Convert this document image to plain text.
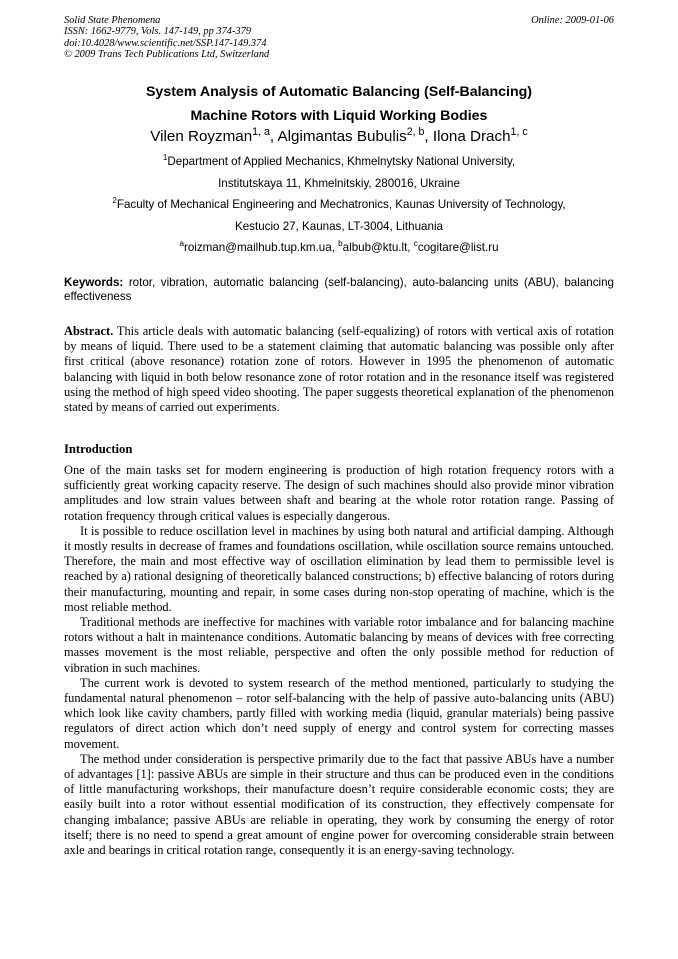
Solid State Phenomena
ISSN: 1662-9779, Vols. 147-149, pp 374-379
doi:10.4028/www.scientific.net/SSP.147-149.374
© 2009 Trans Tech Publications Ltd, Switzerland
Online: 2009-01-06
System Analysis of Automatic Balancing (Self-Balancing)
Machine Rotors with Liquid Working Bodies
Vilen Royzman$^{1, a}$, Algimantas Bubulis$^{2, b}$, Ilona Drach$^{1, c}$
$^1$Department of Applied Mechanics, Khmelnytsky National University,
Institutskaya 11, Khmelnitskiy, 280016, Ukraine
$^2$Faculty of Mechanical Engineering and Mechatronics, Kaunas University of Technology,
Kestucio 27, Kaunas, LT-3004, Lithuania
$^a$roizman@mailhub.tup.km.ua, $^b$albub@ktu.lt, $^c$cogitare@list.ru
Keywords: rotor, vibration, automatic balancing (self-balancing), auto-balancing units (ABU), balancing effectiveness
Abstract. This article deals with automatic balancing (self-equalizing) of rotors with vertical axis of rotation by means of liquid. There used to be a statement claiming that automatic balancing was possible only after first critical (above resonance) rotation zone of rotors. However in 1995 the phenomenon of automatic balancing with liquid in both below resonance zone of rotor rotation and in the resonance itself was registered using the method of high speed video shooting. The paper suggests theoretical explanation of the phenomenon stated by means of carried out experiments.
Introduction

One of the main tasks set for modern engineering is production of high rotation frequency rotors with a sufficiently great working capacity reserve. The design of such machines should also provide minor vibration amplitudes and low strain values between shaft and bearing at the whole rotor rotation range. Passing of rotation frequency through critical values is especially dangerous.

It is possible to reduce oscillation level in machines by using both natural and artificial damping. Although it mostly results in decrease of frames and foundations oscillation, while oscillation source remains untouched. Therefore, the main and most effective way of oscillation elimination by lead them to permissible level is reached by a) rational designing of theoretically balanced constructions; b) effective balancing of rotors during their manufacturing, mounting and repair, in some cases during non-stop operating of machine, which is the most reliable method.

Traditional methods are ineffective for machines with variable rotor imbalance and for balancing machine rotors without a halt in maintenance conditions. Automatic balancing by means of devices with free correcting masses movement is the most reliable, perspective and often the only possible method for reduction of vibration in such machines.

The current work is devoted to system research of the method mentioned, particularly to studying the fundamental natural phenomenon – rotor self-balancing with the help of passive auto-balancing units (ABU) which look like cavity chambers, partly filled with working media (liquid, granular materials) being passive regulators of direct action which don’t need supply of energy and control system for correcting masses movement.

The method under consideration is perspective primarily due to the fact that passive ABUs have a number of advantages [1]: passive ABUs are simple in their structure and thus can be produced even in the conditions of little manufacturing workshops, their manufacture doesn’t require considerable economic costs; they are easily built into a rotor without essential modification of its construction, they effectively compensate for changing imbalance; passive ABUs are reliable in operating, they work by consuming the energy of rotor itself; there is no need to spend a great amount of engine power for overcoming considerable strain between axle and bearings in critical rotation range, consequently it is an energy-saving technology.
